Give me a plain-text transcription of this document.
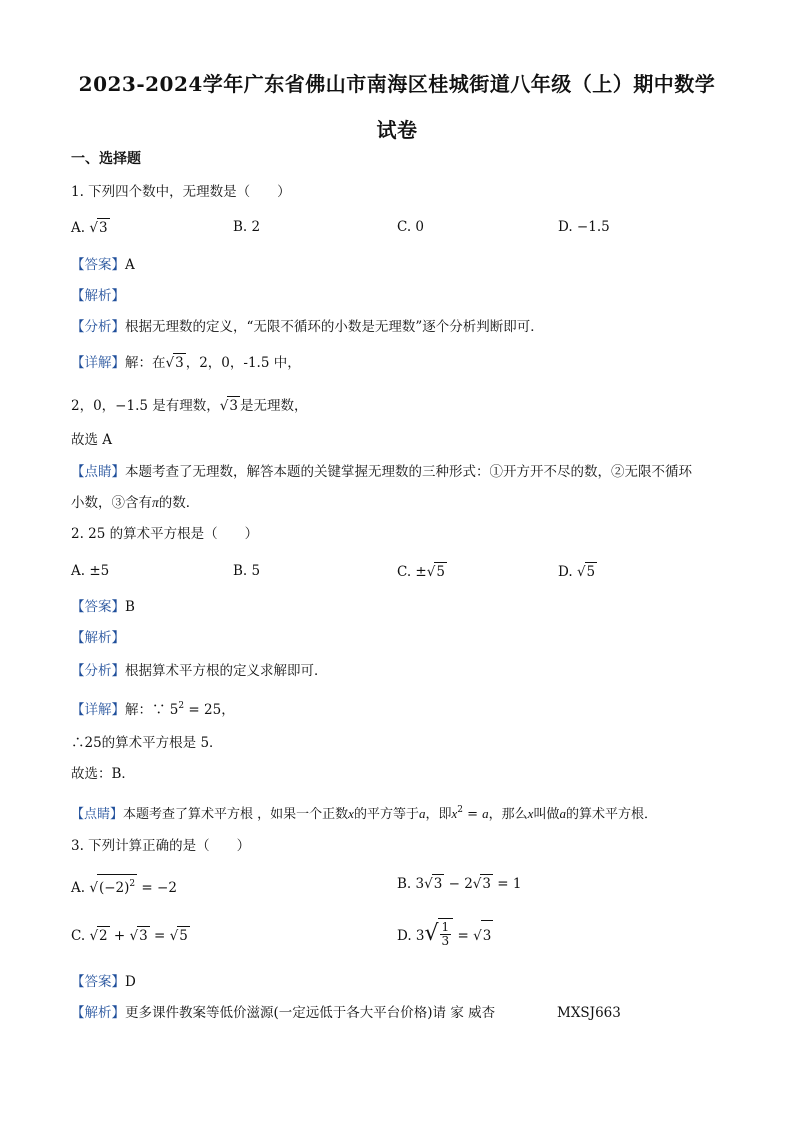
2023-2024学年广东省佛山市南海区桂城街道八年级（上）期中数学
试卷
一、选择题
1. 下列四个数中，无理数是（　　）
A. √ 3	B. 2	C. 0	D. −1.5
【答案】A
【解析】
【分析】根据无理数的定义，“无限不循环的小数是无理数”逐个分析判断即可．
【详解】解：在 √ 3 ，2，0，-1.5 中，
2，0，−1.5 是有理数， √ 3 是无理数，
故选 A
【点睛】本题考查了无理数，解答本题的关键掌握无理数的三种形式：①开方开不尽的数，②无限不循环
小数，③含有π的数．
2. 25 的算术平方根是（　　）
A. ±5	B. 5	C. ± √ 5	D. √ 5
【答案】B
【解析】
【分析】根据算术平方根的定义求解即可．
【详解】解：∵ $5^2 = 25$，
∴25的算术平方根是 5．
故选：B．
【点睛】本题考查了算术平方根 ，如果一个正数x的平方等于a，即$x^2 = a$，那么x叫做a的算术平方根．
3. 下列计算正确的是（　　）
A. √ $(-2)^2 = -2$	B. 3 √ 3 − 2 √ 3 = 1
C. √ 2 + √ 3 = √ 5	D. 3 √ $\frac{1}{3}$ = √ 3
【答案】D
【解析】更多课件教案等低价滋源(一定远低于各大平台价格)请 家 威杏	MXSJ663
